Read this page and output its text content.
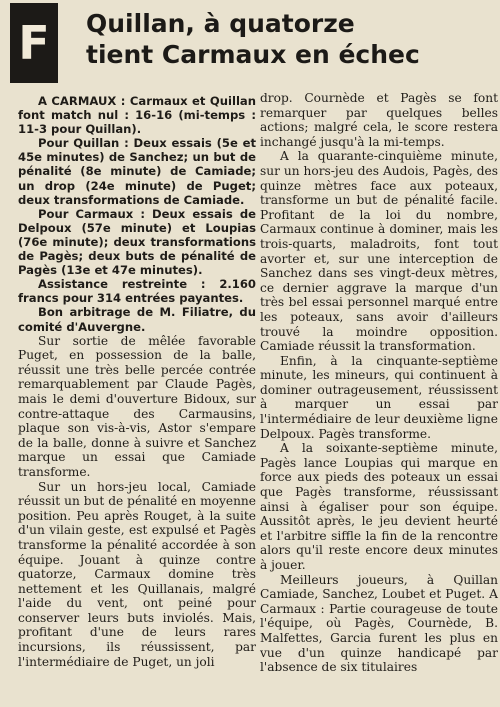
F	Quillan, à quatorze
tient Carmaux en échec

A CARMAUX : Carmaux et Quillan font match nul : 16-16 (mi-temps : 11-3 pour Quillan).

Pour Quillan : Deux essais (5e et 45e minutes) de Sanchez; un but de pénalité (8e minute) de Camiade; un drop (24e minute) de Puget; deux transformations de Camiade.

Pour Carmaux : Deux essais de Delpoux (57e minute) et Loupias (76e minute); deux transformations de Pagès; deux buts de pénalité de Pagès (13e et 47e minutes).

Assistance restreinte : 2.160 francs pour 314 entrées payantes.

Bon arbitrage de M. Filiatre, du comité d'Auvergne.

Sur sortie de mêlée favorable Puget, en possession de la balle, réussit une très belle percée contrée remarquablement par Claude Pagès, mais le demi d'ouverture Bidoux, sur contre-attaque des Carmausins, plaque son vis-à-vis, Astor s'empare de la balle, donne à suivre et Sanchez marque un essai que Camiade transforme.

Sur un hors-jeu local, Camiade réussit un but de pénalité en moyenne position. Peu après Rouget, à la suite d'un vilain geste, est expulsé et Pagès transforme la pénalité accordée à son équipe. Jouant à quinze contre quatorze, Carmaux domine très nettement et les Quillanais, malgré l'aide du vent, ont peiné pour conserver leurs buts inviolés. Mais, profitant d'une de leurs rares incursions, ils réussissent, par l'intermédiaire de Puget, un joli

drop. Cournède et Pagès se font remarquer par quelques belles actions; malgré cela, le score restera inchangé jusqu'à la mi-temps.

A la quarante-cinquième minute, sur un hors-jeu des Audois, Pagès, des quinze mètres face aux poteaux, transforme un but de pénalité facile. Profitant de la loi du nombre, Carmaux continue à dominer, mais les trois-quarts, maladroits, font tout avorter et, sur une interception de Sanchez dans ses vingt-deux mètres, ce dernier aggrave la marque d'un très bel essai personnel marqué entre les poteaux, sans avoir d'ailleurs trouvé la moindre opposition. Camiade réussit la transformation.

Enfin, à la cinquante-septième minute, les mineurs, qui continuent à dominer outrageusement, réussissent à marquer un essai par l'intermédiaire de leur deuxième ligne Delpoux. Pagès transforme.

A la soixante-septième minute, Pagès lance Loupias qui marque en force aux pieds des poteaux un essai que Pagès transforme, réussissant ainsi à égaliser pour son équipe. Aussitôt après, le jeu devient heurté et l'arbitre siffle la fin de la rencontre alors qu'il reste encore deux minutes à jouer.

Meilleurs joueurs, à Quillan Camiade, Sanchez, Loubet et Puget. A Carmaux : Partie courageuse de toute l'équipe, où Pagès, Cournède, B. Malfettes, Garcia furent les plus en vue d'un quinze handicapé par l'absence de six titulaires
